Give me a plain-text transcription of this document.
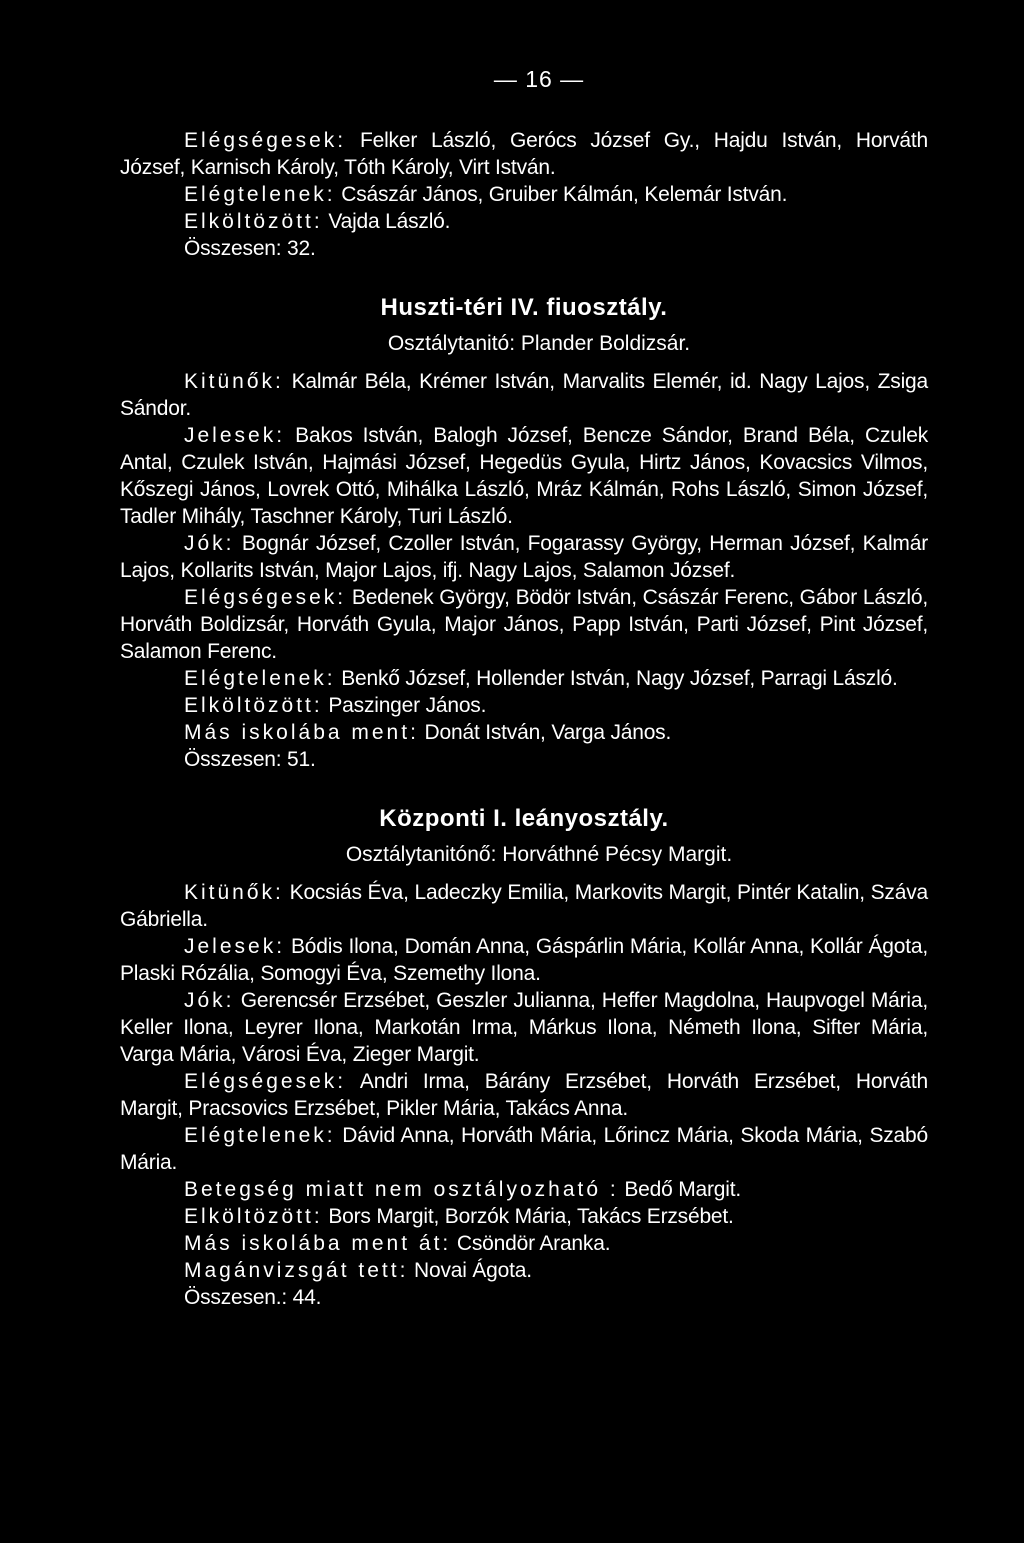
— 16 —

Elégségesek: Felker László, Gerócs József Gy., Hajdu István, Horváth József, Karnisch Károly, Tóth Károly, Virt István.

Elégtelenek: Császár János, Gruiber Kálmán, Kelemár István.

Elköltözött: Vajda László.

Összesen: 32.

Huszti-téri IV. fiuosztály.
Osztálytanitó: Plander Boldizsár.

Kitünők: Kalmár Béla, Krémer István, Marvalits Elemér, id. Nagy Lajos, Zsiga Sándor.

Jelesek: Bakos István, Balogh József, Bencze Sándor, Brand Béla, Czulek Antal, Czulek István, Hajmási József, Hegedüs Gyula, Hirtz János, Kovacsics Vilmos, Kőszegi János, Lovrek Ottó, Mihálka László, Mráz Kálmán, Rohs László, Simon József, Tadler Mihály, Taschner Károly, Turi László.

Jók: Bognár József, Czoller István, Fogarassy György, Herman József, Kalmár Lajos, Kollarits István, Major Lajos, ifj. Nagy Lajos, Salamon József.

Elégségesek: Bedenek György, Bödör István, Császár Ferenc, Gábor László, Horváth Boldizsár, Horváth Gyula, Major János, Papp István, Parti József, Pint József, Salamon Ferenc.

Elégtelenek: Benkő József, Hollender István, Nagy József, Parragi László.

Elköltözött: Paszinger János.

Más iskolába ment: Donát István, Varga János.

Összesen: 51.

Központi I. leányosztály.
Osztálytanitónő: Horváthné Pécsy Margit.

Kitünők: Kocsiás Éva, Ladeczky Emilia, Markovits Margit, Pintér Katalin, Száva Gábriella.

Jelesek: Bódis Ilona, Domán Anna, Gáspárlin Mária, Kollár Anna, Kollár Ágota, Plaski Rózália, Somogyi Éva, Szemethy Ilona.

Jók: Gerencsér Erzsébet, Geszler Julianna, Heffer Magdolna, Haupvogel Mária, Keller Ilona, Leyrer Ilona, Markotán Irma, Márkus Ilona, Németh Ilona, Sifter Mária, Varga Mária, Városi Éva, Zieger Margit.

Elégségesek: Andri Irma, Bárány Erzsébet, Horváth Erzsébet, Horváth Margit, Pracsovics Erzsébet, Pikler Mária, Takács Anna.

Elégtelenek: Dávid Anna, Horváth Mária, Lőrincz Mária, Skoda Mária, Szabó Mária.

Betegség miatt nem osztályozható : Bedő Margit.

Elköltözött: Bors Margit, Borzók Mária, Takács Erzsébet.

Más iskolába ment át: Csöndör Aranka.

Magánvizsgát tett: Novai Ágota.

Összesen.: 44.
